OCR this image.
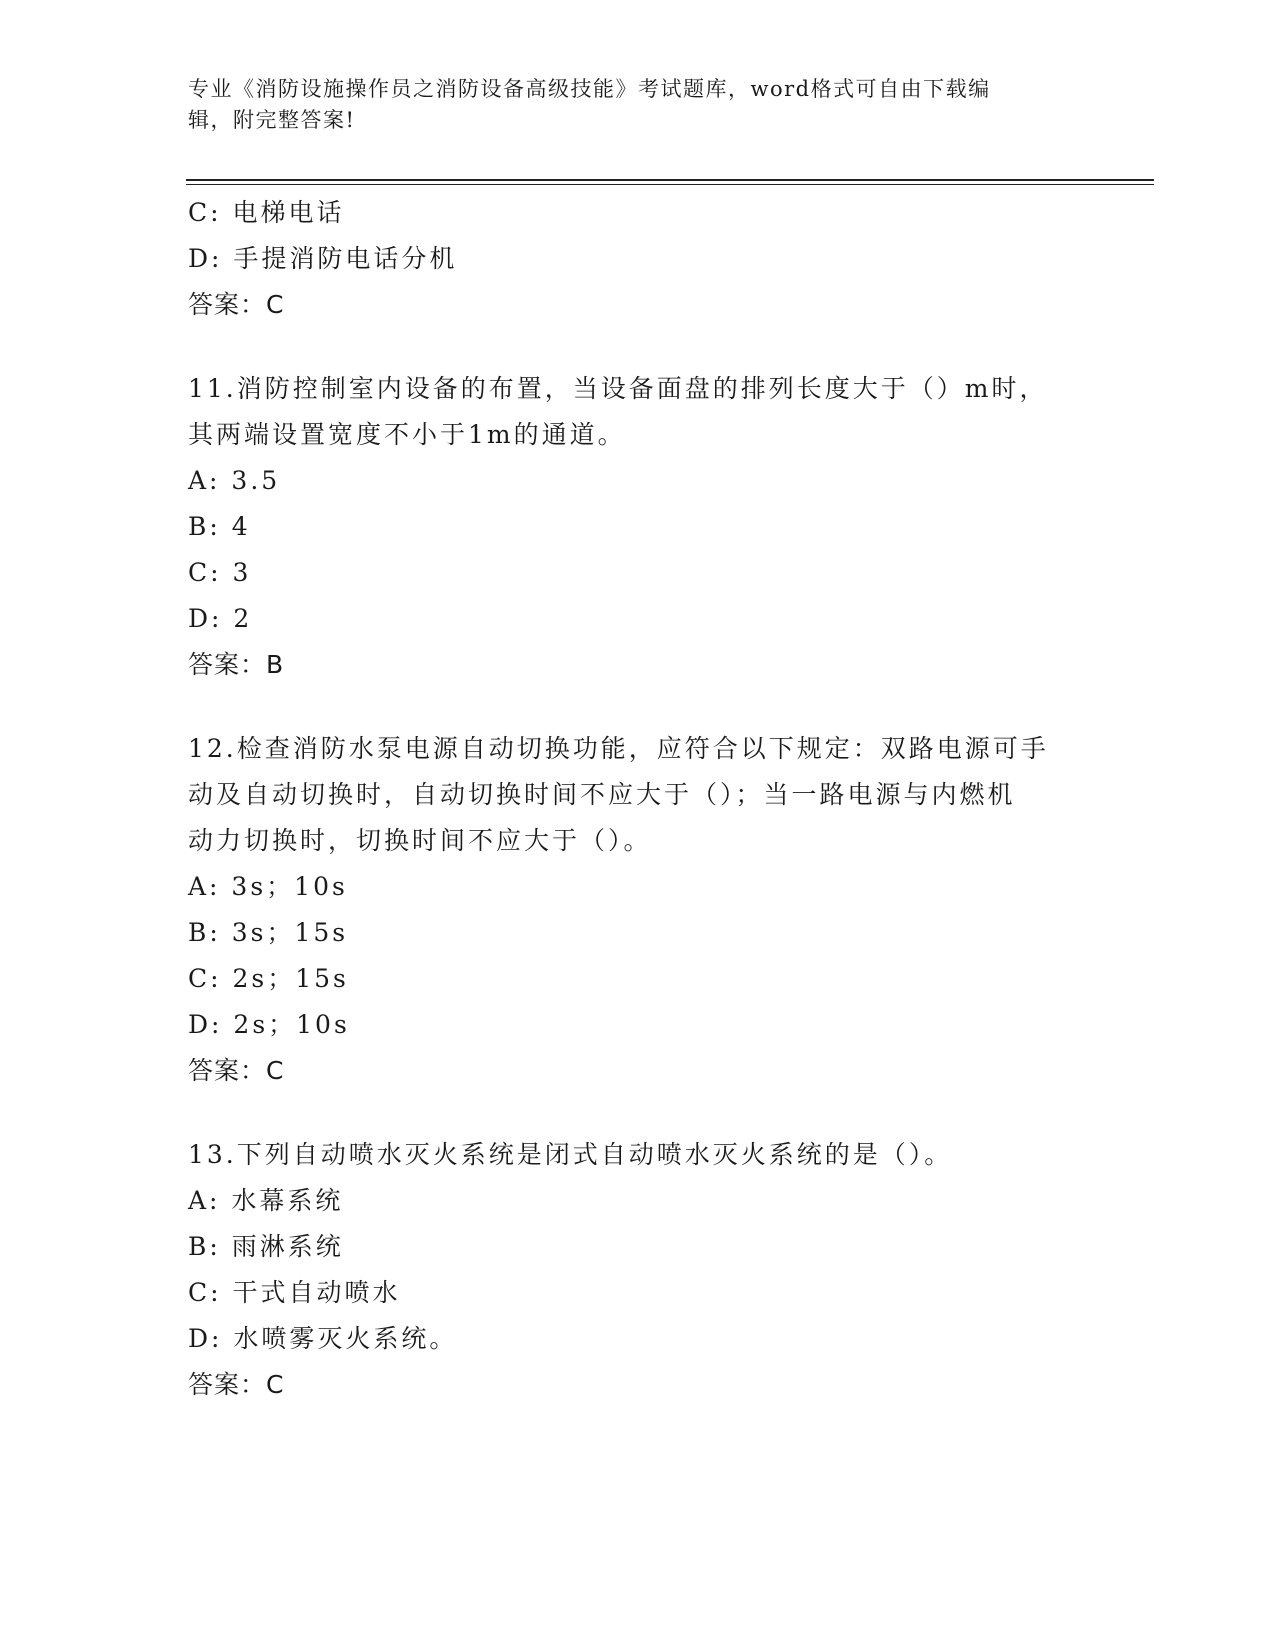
专业《消防设施操作员之消防设备高级技能》考试题库，word格式可自由下载编
辑，附完整答案!
C: 电梯电话
D: 手提消防电话分机
答案：C
11.消防控制室内设备的布置，当设备面盘的排列长度大于（）m时，
其两端设置宽度不小于1m的通道。
A: 3.5
B: 4
C: 3
D: 2
答案：B
12.检查消防水泵电源自动切换功能，应符合以下规定：双路电源可手
动及自动切换时，自动切换时间不应大于（）；当一路电源与内燃机
动力切换时，切换时间不应大于（）。
A: 3s；10s
B: 3s；15s
C: 2s；15s
D: 2s；10s
答案：C
13.下列自动喷水灭火系统是闭式自动喷水灭火系统的是（）。
A: 水幕系统
B: 雨淋系统
C: 干式自动喷水
D: 水喷雾灭火系统。
答案：C
